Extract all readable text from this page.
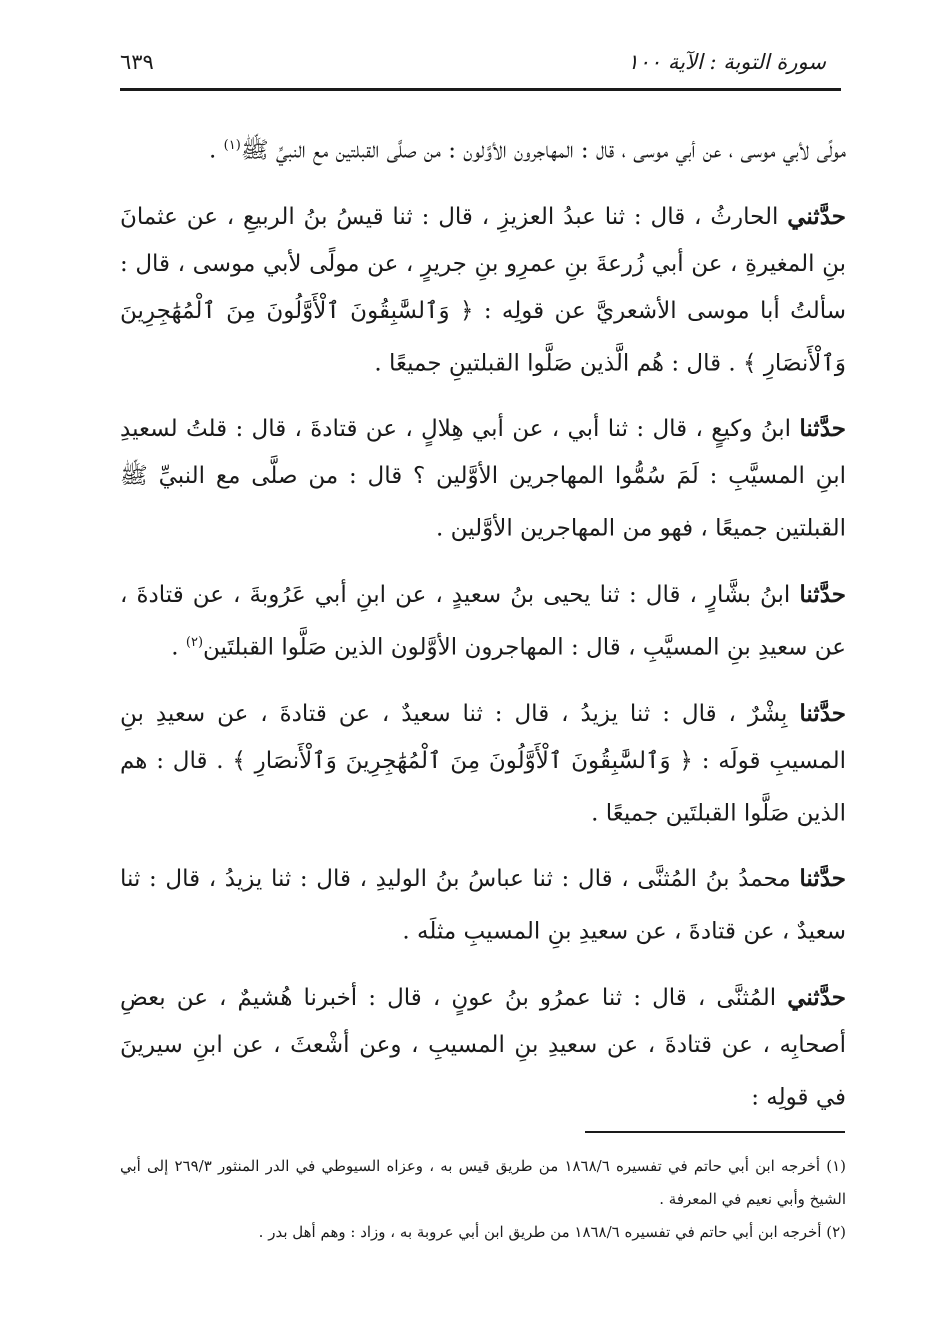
سورة التوبة : الآية ١٠٠
٦٣٩

مولًى لأبي موسى ، عن أبي موسى ، قال : المهاجرون الأوَّلون : من صلَّى القبلتين مع النبيِّ ﷺ$^{(١)}$ .

حدَّثني الحارثُ ، قال : ثنا عبدُ العزيزِ ، قال : ثنا قيسُ بنُ الربيعِ ، عن عثمانَ بنِ المغيرةِ ، عن أبي زُرعةَ بنِ عمرِو بنِ جريرٍ ، عن مولًى لأبي موسى ، قال : سألتُ أبا موسى الأشعريَّ عن قولِه : ﴿ وَٱلسَّٰبِقُونَ ٱلْأَوَّلُونَ مِنَ ٱلْمُهَٰجِرِينَ وَٱلْأَنصَارِ ﴾ . قال : هُم الَّذين صَلَّوا القبلتينِ جميعًا .

حدَّثنا ابنُ وكيعٍ ، قال : ثنا أبي ، عن أبي هِلالٍ ، عن قتادةَ ، قال : قلتُ لسعيدِ ابنِ المسيَّبِ : لَمَ سُمُّوا المهاجرين الأوَّلين ؟ قال : من صلَّى مع النبيِّ ﷺ القبلتين جميعًا ، فهو من المهاجرين الأوَّلين .

حدَّثنا ابنُ بشَّارٍ ، قال : ثنا يحيى بنُ سعيدٍ ، عن ابنِ أبي عَرُوبةَ ، عن قتادةَ ، عن سعيدِ بنِ المسيَّبِ ، قال : المهاجرون الأوَّلون الذين صَلَّوا القبلتَين$^{(٢)}$ .

حدَّثنا بِشْرٌ ، قال : ثنا يزيدُ ، قال : ثنا سعيدٌ ، عن قتادةَ ، عن سعيدِ بنِ المسيبِ قولَه : ﴿ وَٱلسَّٰبِقُونَ ٱلْأَوَّلُونَ مِنَ ٱلْمُهَٰجِرِينَ وَٱلْأَنصَارِ ﴾ . قال : هم الذين صَلَّوا القبلتَين جميعًا .

حدَّثنا محمدُ بنُ المُثنَّى ، قال : ثنا عباسُ بنُ الوليدِ ، قال : ثنا يزيدُ ، قال : ثنا سعيدٌ ، عن قتادةَ ، عن سعيدِ بنِ المسيبِ مثلَه .

حدَّثني المُثنَّى ، قال : ثنا عمرُو بنُ عونٍ ، قال : أخبرنا هُشيمٌ ، عن بعضِ أصحابِه ، عن قتادةَ ، عن سعيدِ بنِ المسيبِ ، وعن أشْعثَ ، عن ابنِ سيرينَ في قولِه :

(١) أخرجه ابن أبي حاتم في تفسيره ١٨٦٨/٦ من طريق قيس به ، وعزاه السيوطي في الدر المنثور ٢٦٩/٣ إلى أبي الشيخ وأبي نعيم في المعرفة .

(٢) أخرجه ابن أبي حاتم في تفسيره ١٨٦٨/٦ من طريق ابن أبي عروبة به ، وزاد : وهم أهل بدر .
